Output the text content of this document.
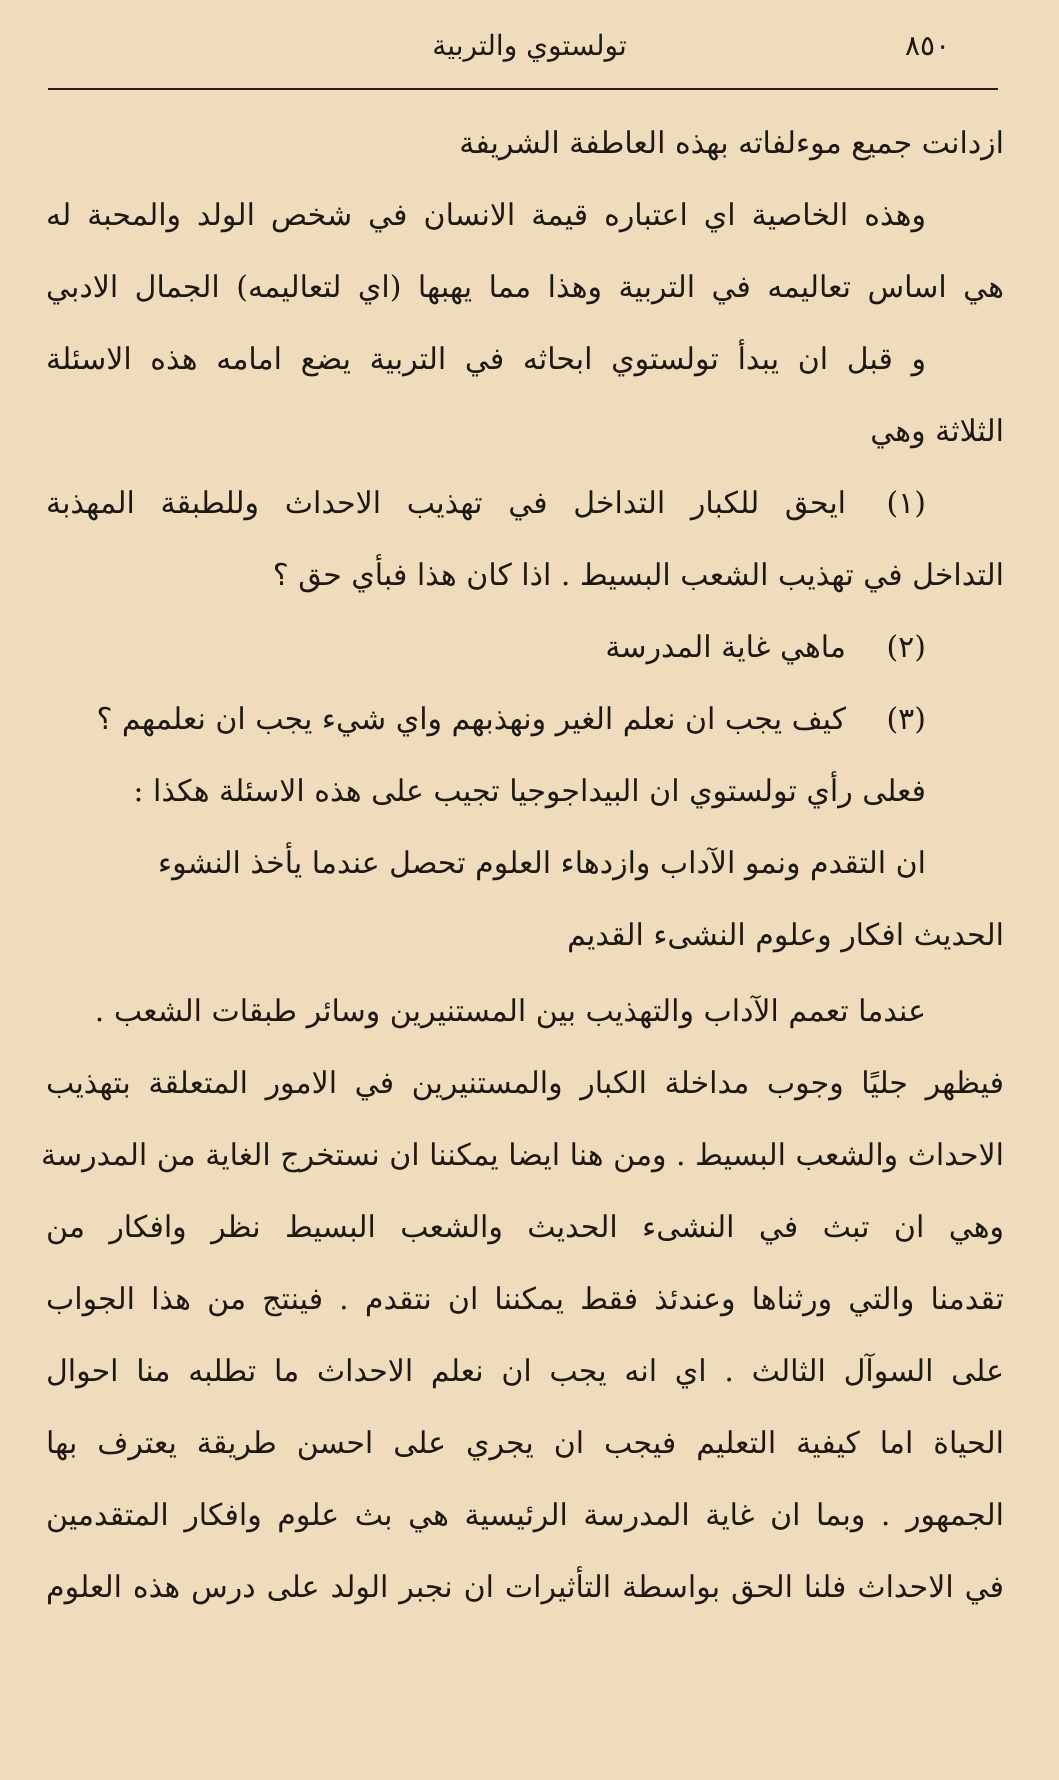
تولستوي والتربية	٨٥٠
ازدانت جميع موءلفاته بهذه العاطفة الشريفة
وهذه الخاصية اي اعتباره قيمة الانسان في شخص الولد والمحبة له
هي اساس تعاليمه في التربية وهذا مما يهبها (اي لتعاليمه) الجمال الادبي
و قبل ان يبدأ تولستوي ابحاثه في التربية يضع امامه هذه الاسئلة
الثلاثة وهي
(١)ايحق للكبار التداخل في تهذيب الاحداث وللطبقة المهذبة
التداخل في تهذيب الشعب البسيط . اذا كان هذا فبأي حق ؟
(٢)ماهي غاية المدرسة
(٣)كيف يجب ان نعلم الغير ونهذبهم واي شيء يجب ان نعلمهم ؟
فعلى رأي تولستوي ان البيداجوجيا تجيب على هذه الاسئلة هكذا :
ان التقدم ونمو الآداب وازدهاء العلوم تحصل عندما يأخذ النشوء
الحديث افكار وعلوم النشىء القديم
عندما تعمم الآداب والتهذيب بين المستنيرين وسائر طبقات الشعب .
فيظهر جليًا وجوب مداخلة الكبار والمستنيرين في الامور المتعلقة بتهذيب
الاحداث والشعب البسيط . ومن هنا ايضا يمكننا ان نستخرج الغاية من المدرسة
وهي ان تبث في النشىء الحديث والشعب البسيط نظر وافكار من
تقدمنا والتي ورثناها وعندئذ فقط يمكننا ان نتقدم . فينتج من هذا الجواب
على السوآل الثالث . اي انه يجب ان نعلم الاحداث ما تطلبه منا احوال
الحياة اما كيفية التعليم فيجب ان يجري على احسن طريقة يعترف بها
الجمهور . وبما ان غاية المدرسة الرئيسية هي بث علوم وافكار المتقدمين
في الاحداث فلنا الحق بواسطة التأثيرات ان نجبر الولد على درس هذه العلوم
